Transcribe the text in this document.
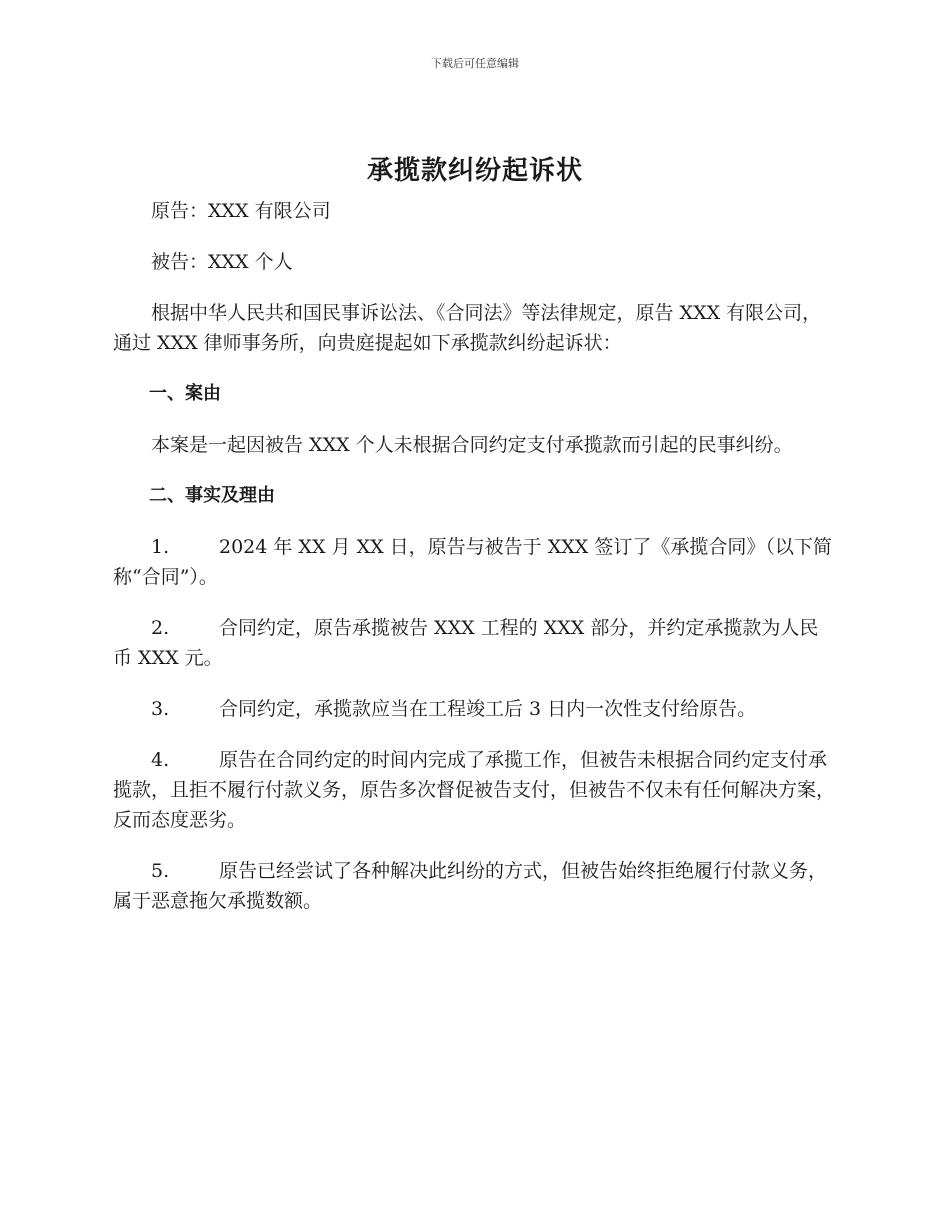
下载后可任意编辑
承揽款纠纷起诉状

原告：XXX 有限公司

被告：XXX 个人

根据中华人民共和国民事诉讼法、《合同法》等法律规定，原告 XXX 有限公司，通过 XXX 律师事务所，向贵庭提起如下承揽款纠纷起诉状：

一、案由

本案是一起因被告 XXX 个人未根据合同约定支付承揽款而引起的民事纠纷。

二、事实及理由

1.	2024 年 XX 月 XX 日，原告与被告于 XXX 签订了《承揽合同》（以下简称“合同”）。

2.	合同约定，原告承揽被告 XXX 工程的 XXX 部分，并约定承揽款为人民币 XXX 元。

3.	合同约定，承揽款应当在工程竣工后 3 日内一次性支付给原告。

4.	原告在合同约定的时间内完成了承揽工作，但被告未根据合同约定支付承揽款，且拒不履行付款义务，原告多次督促被告支付，但被告不仅未有任何解决方案，反而态度恶劣。

5.	原告已经尝试了各种解决此纠纷的方式，但被告始终拒绝履行付款义务，属于恶意拖欠承揽数额。
